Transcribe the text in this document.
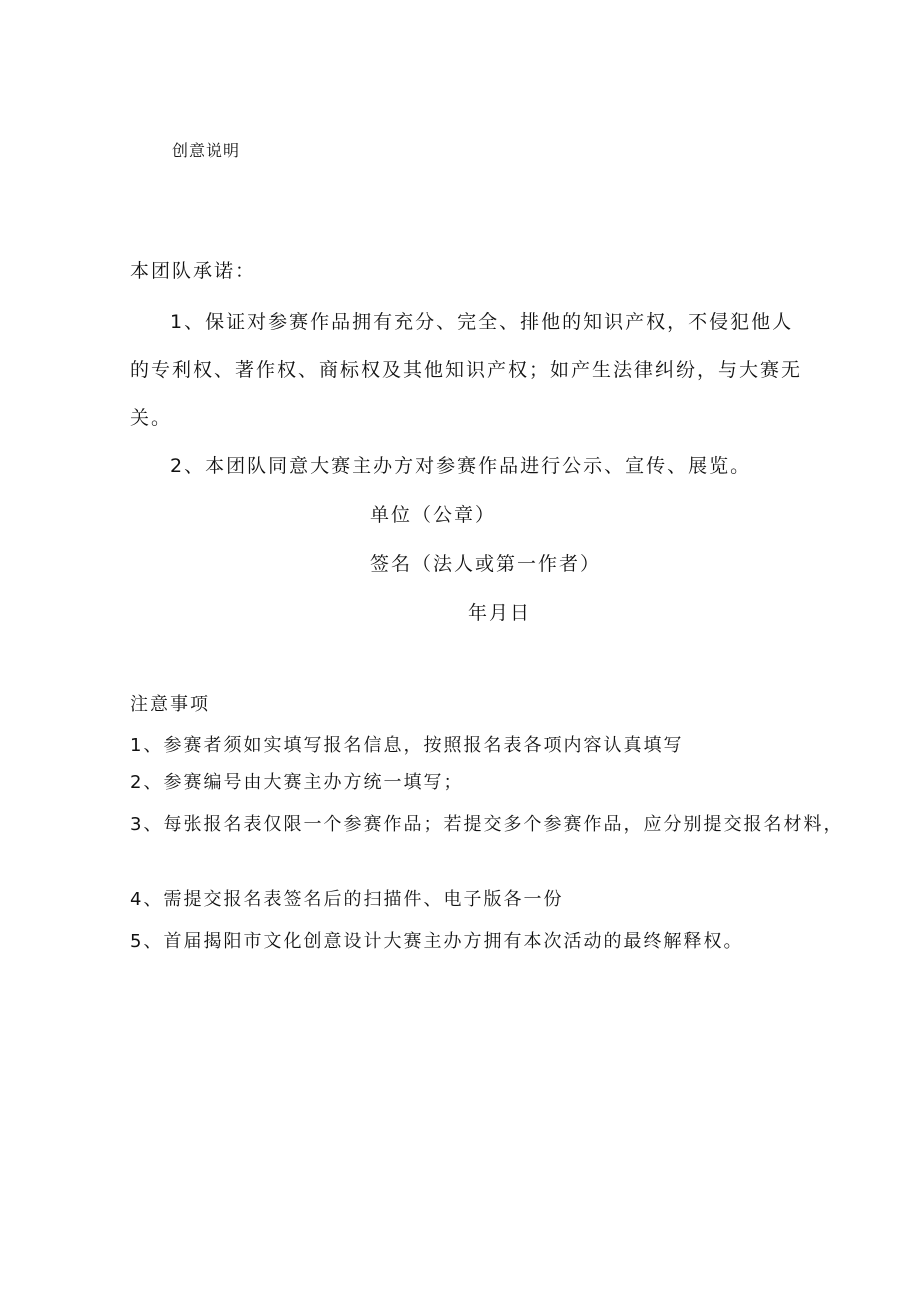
创意说明
本团队承诺：
1、保证对参赛作品拥有充分、完全、排他的知识产权，不侵犯他人的专利权、著作权、商标权及其他知识产权；如产生法律纠纷，与大赛无关。
2、本团队同意大赛主办方对参赛作品进行公示、宣传、展览。
单位（公章）
签名（法人或第一作者）
年月日
注意事项
1、参赛者须如实填写报名信息，按照报名表各项内容认真填写
2、参赛编号由大赛主办方统一填写；
3、每张报名表仅限一个参赛作品；若提交多个参赛作品，应分别提交报名材料，
4、需提交报名表签名后的扫描件、电子版各一份
5、首届揭阳市文化创意设计大赛主办方拥有本次活动的最终解释权。
